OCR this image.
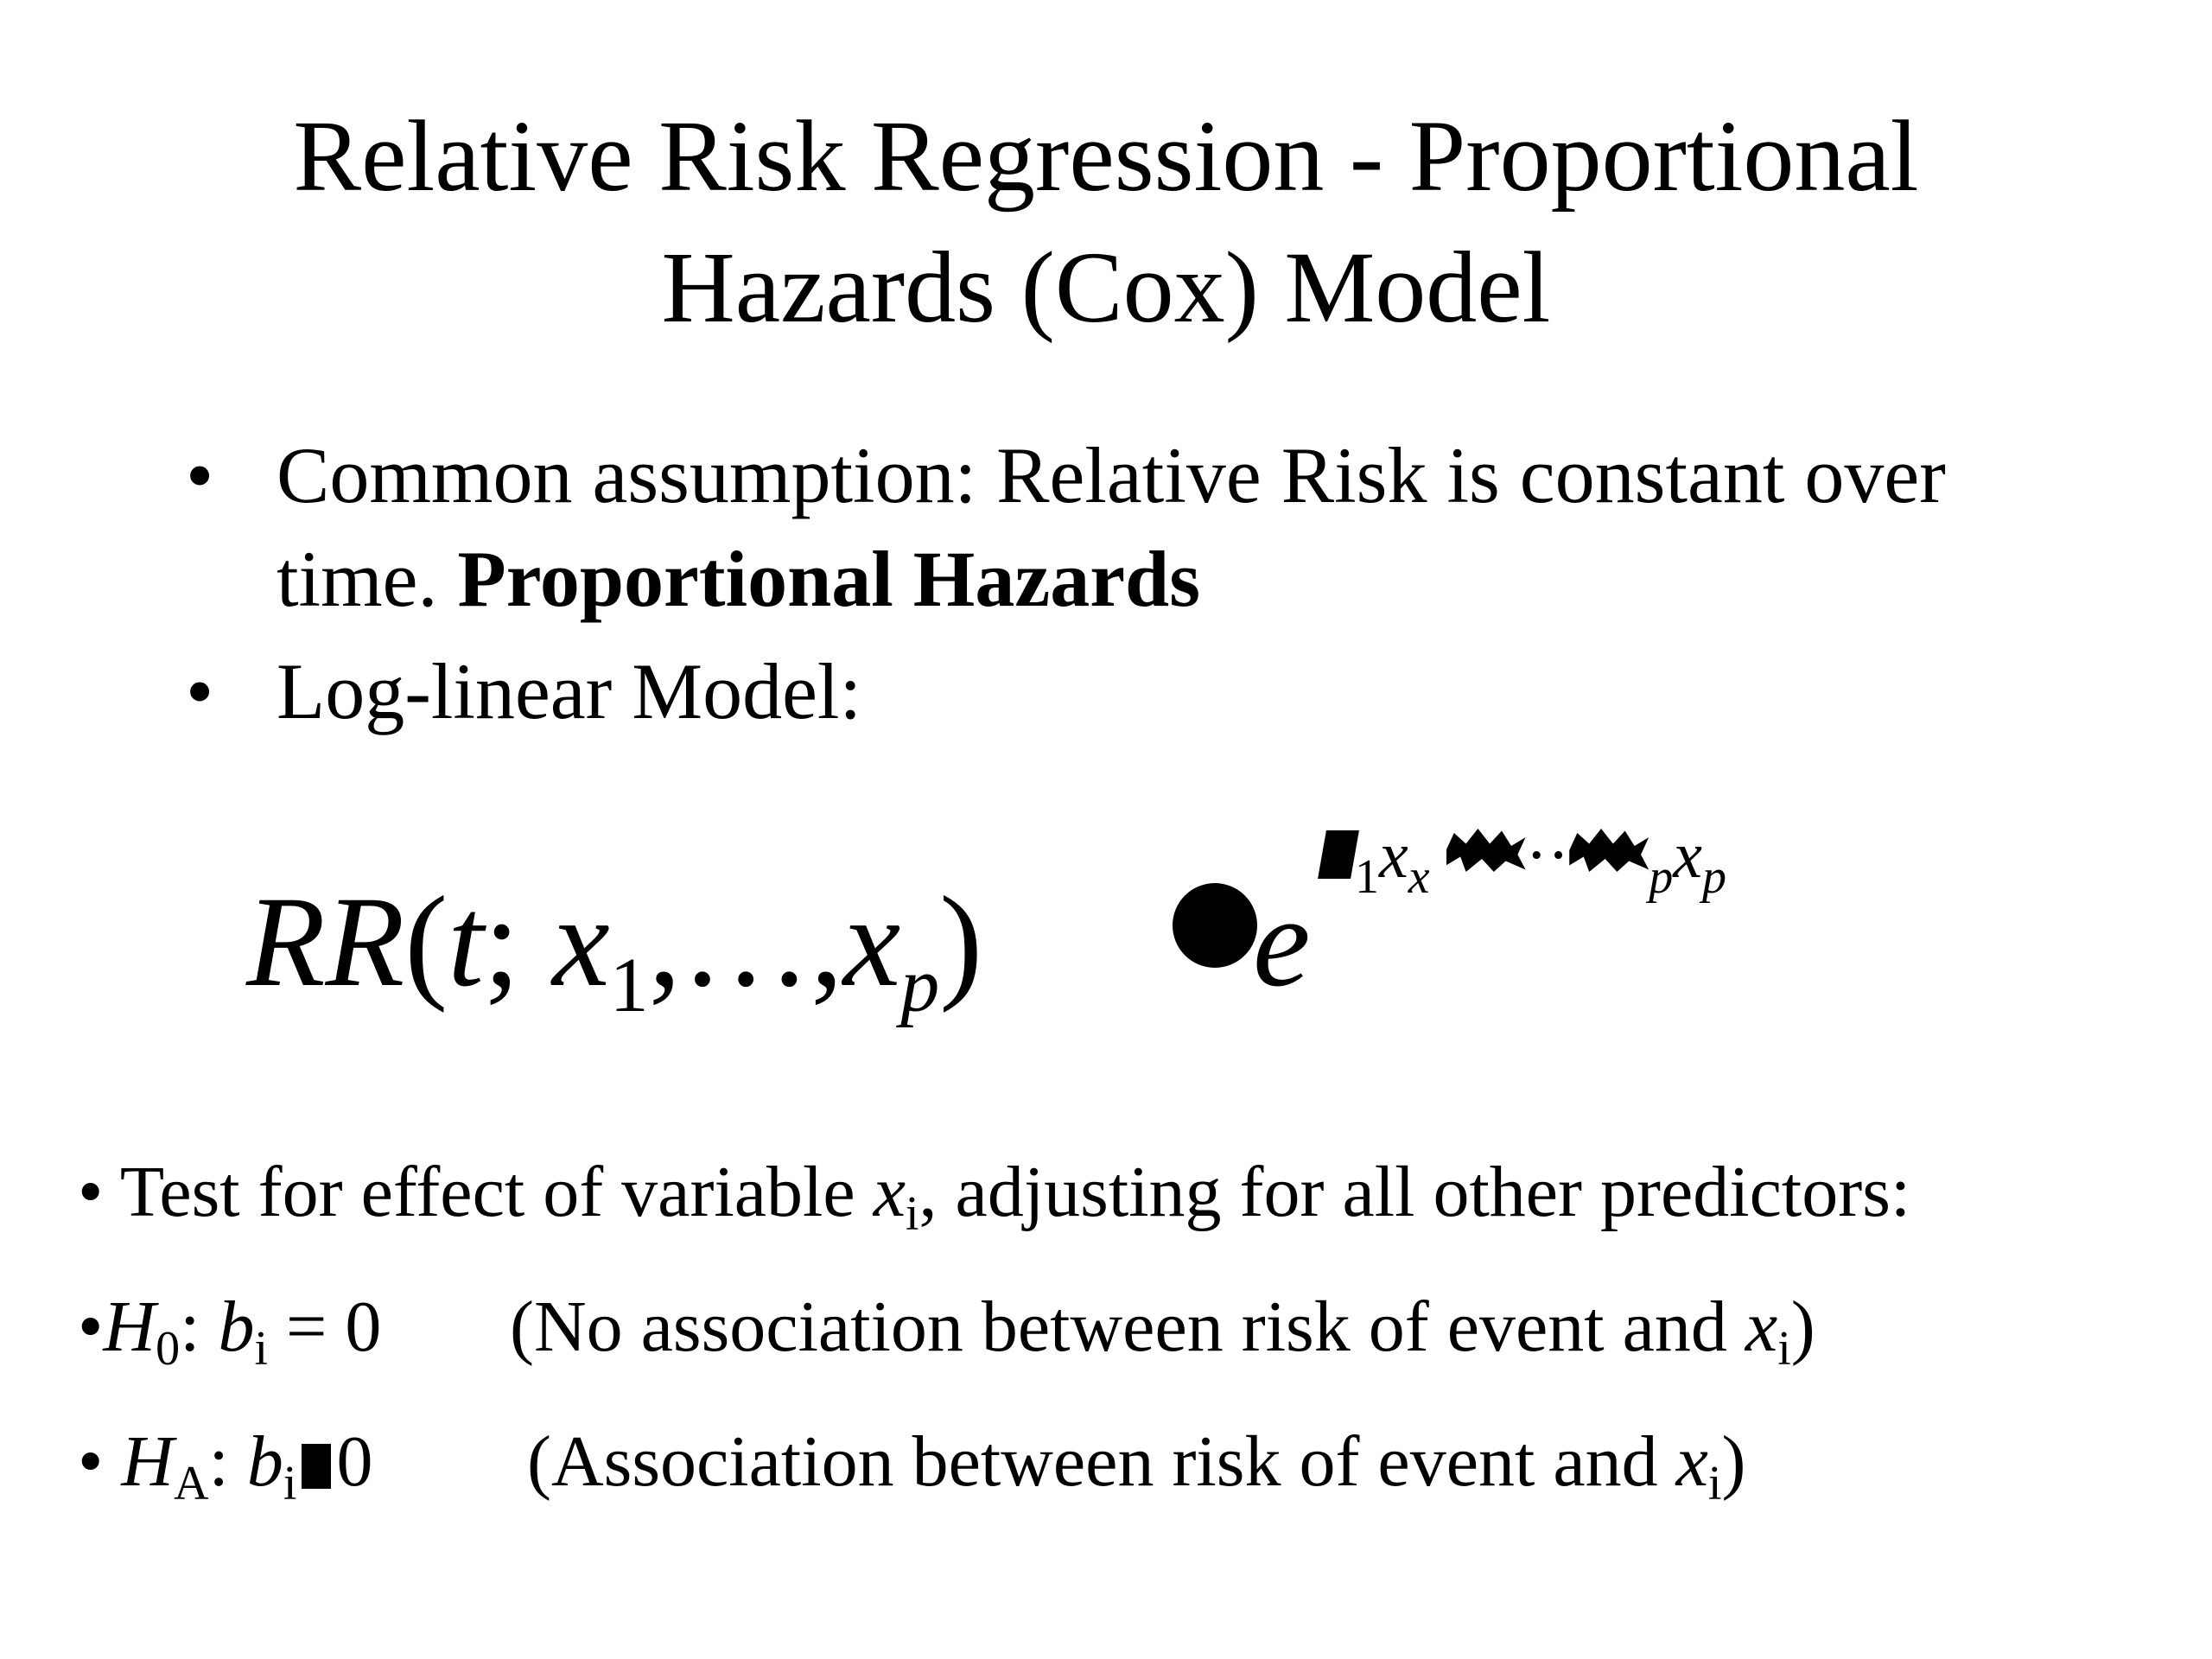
Relative Risk Regression - Proportional
Hazards (Cox) Model
• Common assumption: Relative Risk is constant over time. Proportional Hazards
• Log-linear Model:
RR(t; $x_1,\dots,x_p$) e $_1x_x \cdot\cdot _px_p$
• Test for effect of variable $x_i$, adjusting for all other predictors:
$•H_0$: $b_i = 0$ (No association between risk of event and $x_i$)
• $H_A$: $b_i$ 0 (Association between risk of event and $x_i$)
